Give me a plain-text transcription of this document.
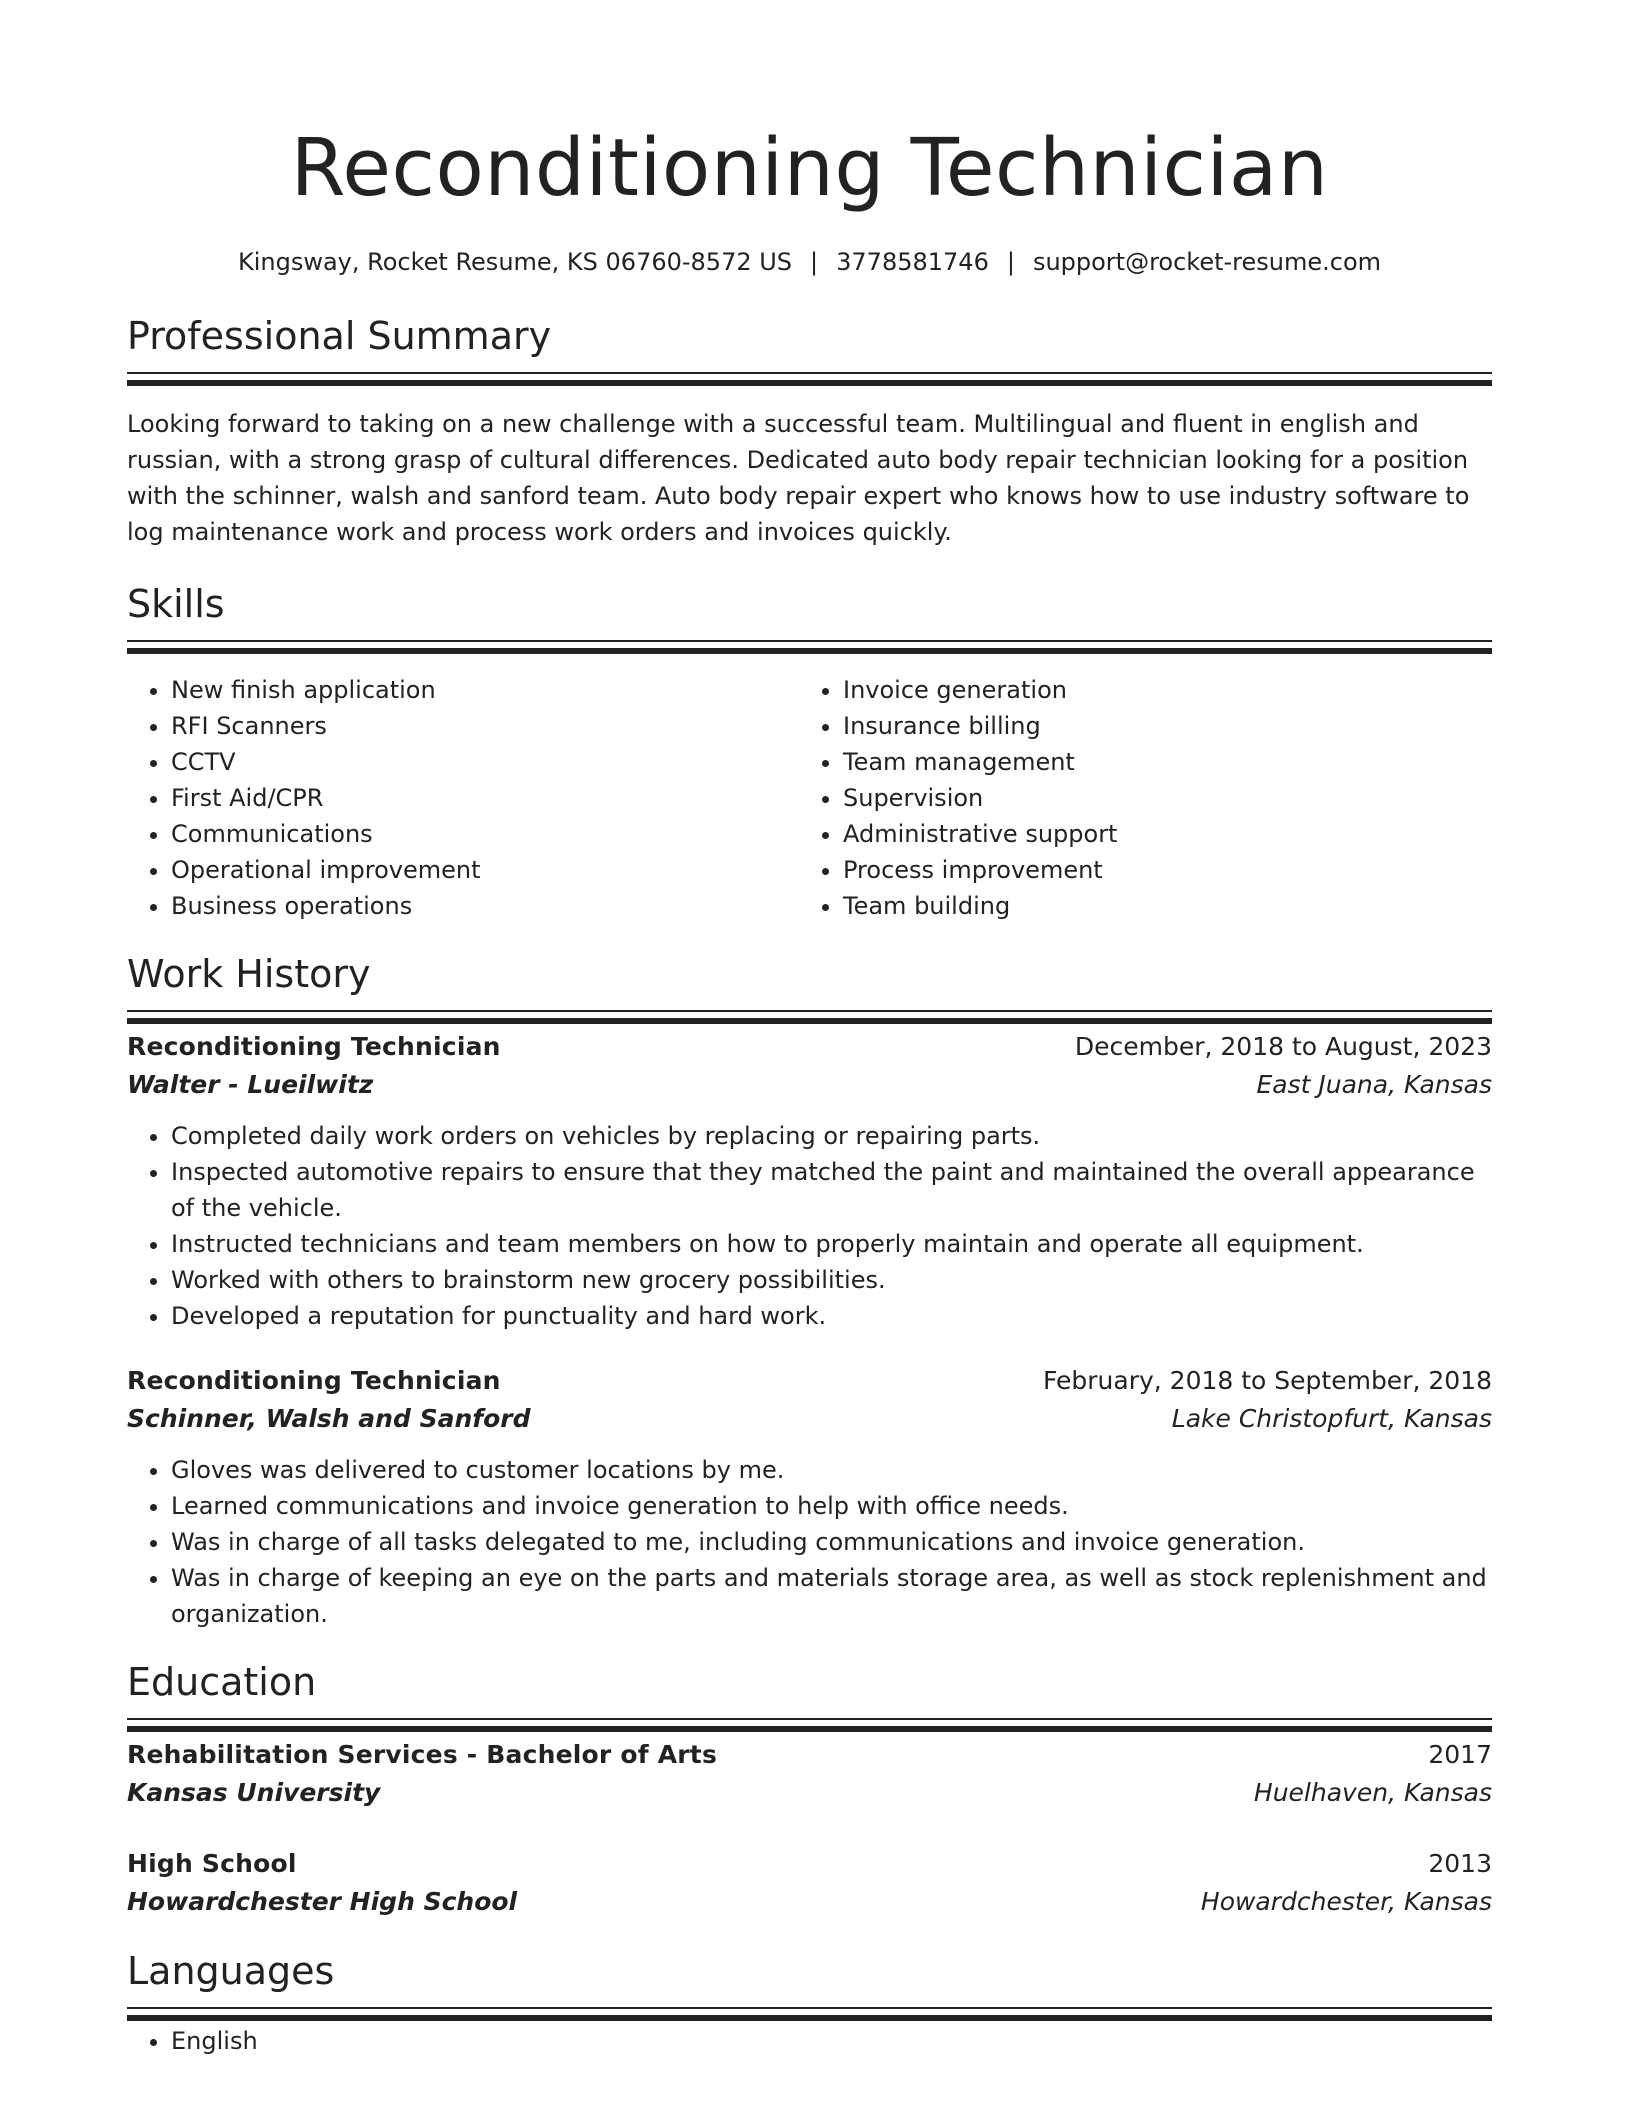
Reconditioning Technician
Kingsway, Rocket Resume, KS 06760-8572 US | 3778581746 | support@rocket-resume.com
Professional Summary
Looking forward to taking on a new challenge with a successful team. Multilingual and fluent in english and russian, with a strong grasp of cultural differences. Dedicated auto body repair technician looking for a position with the schinner, walsh and sanford team. Auto body repair expert who knows how to use industry software to log maintenance work and process work orders and invoices quickly.
Skills
• New finish application
• RFI Scanners
• CCTV
• First Aid/CPR
• Communications
• Operational improvement
• Business operations
• Invoice generation
• Insurance billing
• Team management
• Supervision
• Administrative support
• Process improvement
• Team building
Work History
Reconditioning Technician	December, 2018 to August, 2023
Walter - Lueilwitz	East Juana, Kansas
• Completed daily work orders on vehicles by replacing or repairing parts.
• Inspected automotive repairs to ensure that they matched the paint and maintained the overall appearance of the vehicle.
• Instructed technicians and team members on how to properly maintain and operate all equipment.
• Worked with others to brainstorm new grocery possibilities.
• Developed a reputation for punctuality and hard work.
Reconditioning Technician	February, 2018 to September, 2018
Schinner, Walsh and Sanford	Lake Christopfurt, Kansas
• Gloves was delivered to customer locations by me.
• Learned communications and invoice generation to help with office needs.
• Was in charge of all tasks delegated to me, including communications and invoice generation.
• Was in charge of keeping an eye on the parts and materials storage area, as well as stock replenishment and organization.
Education
Rehabilitation Services - Bachelor of Arts	2017
Kansas University	Huelhaven, Kansas
High School	2013
Howardchester High School	Howardchester, Kansas
Languages
• English
